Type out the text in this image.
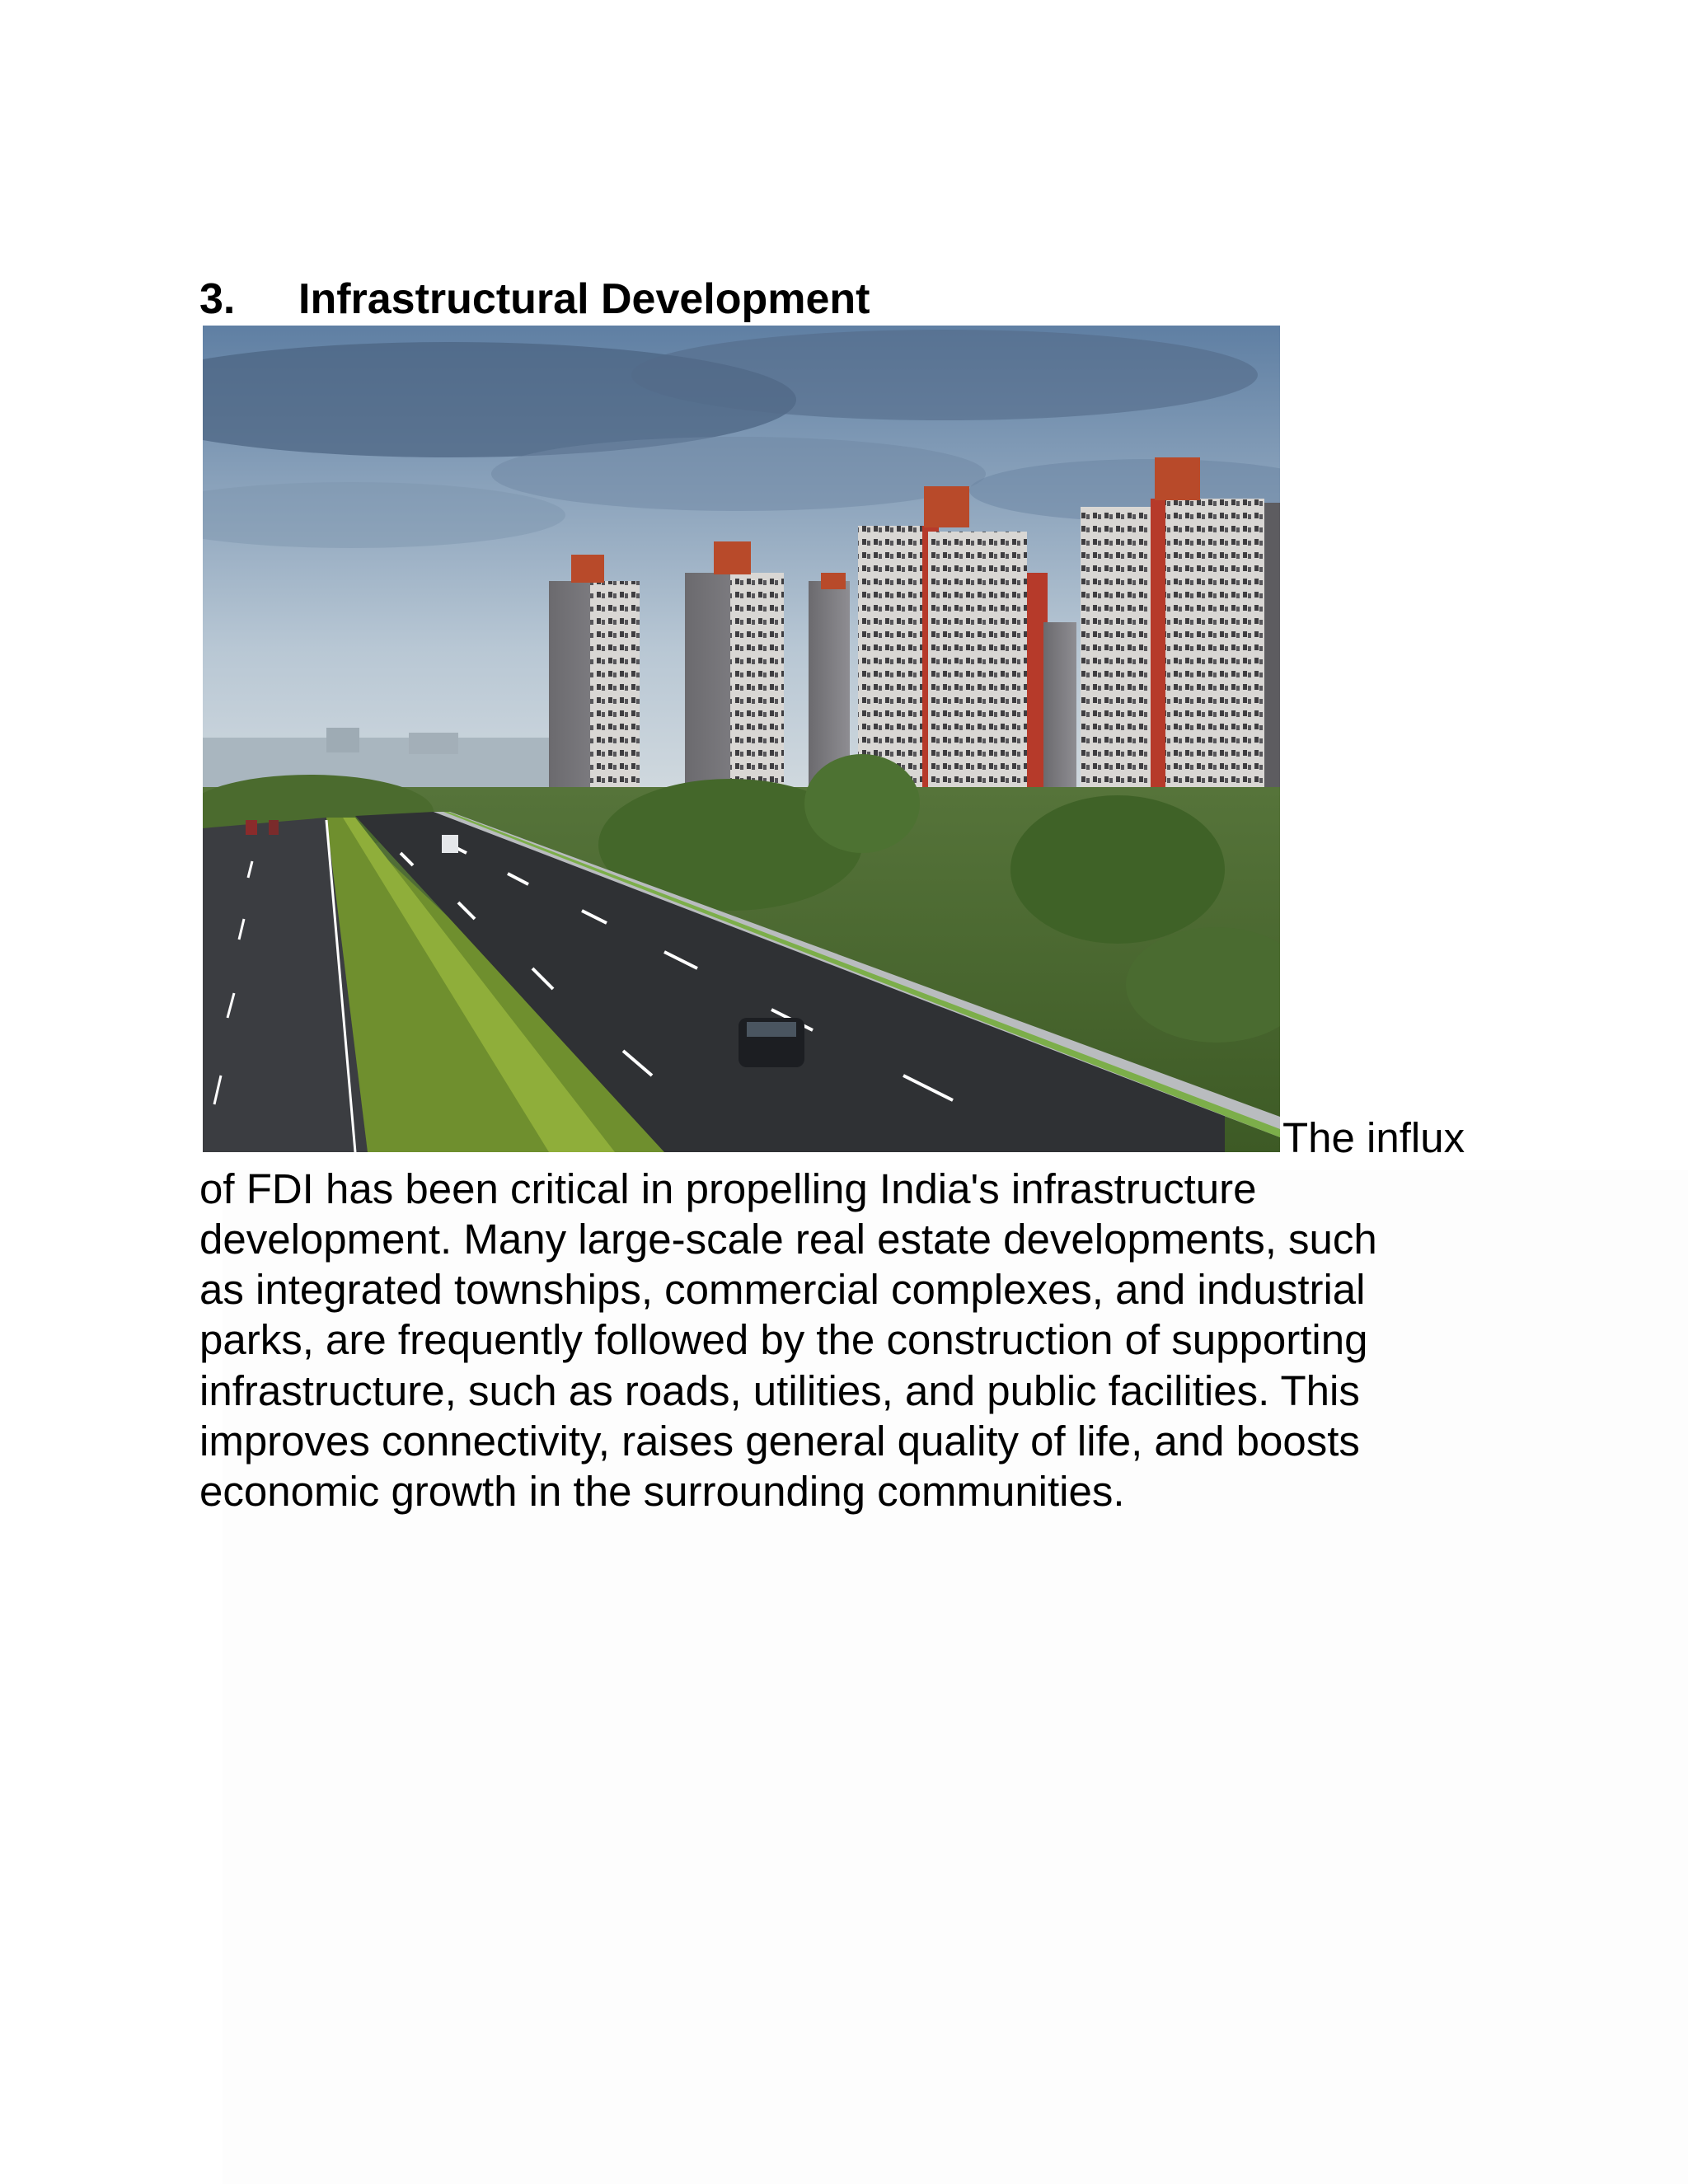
3. Infrastructural Development
The influx
of FDI has been critical in propelling India's infrastructure
development. Many large-scale real estate developments, such
as integrated townships, commercial complexes, and industrial
parks, are frequently followed by the construction of supporting
infrastructure, such as roads, utilities, and public facilities. This
improves connectivity, raises general quality of life, and boosts
economic growth in the surrounding communities.
